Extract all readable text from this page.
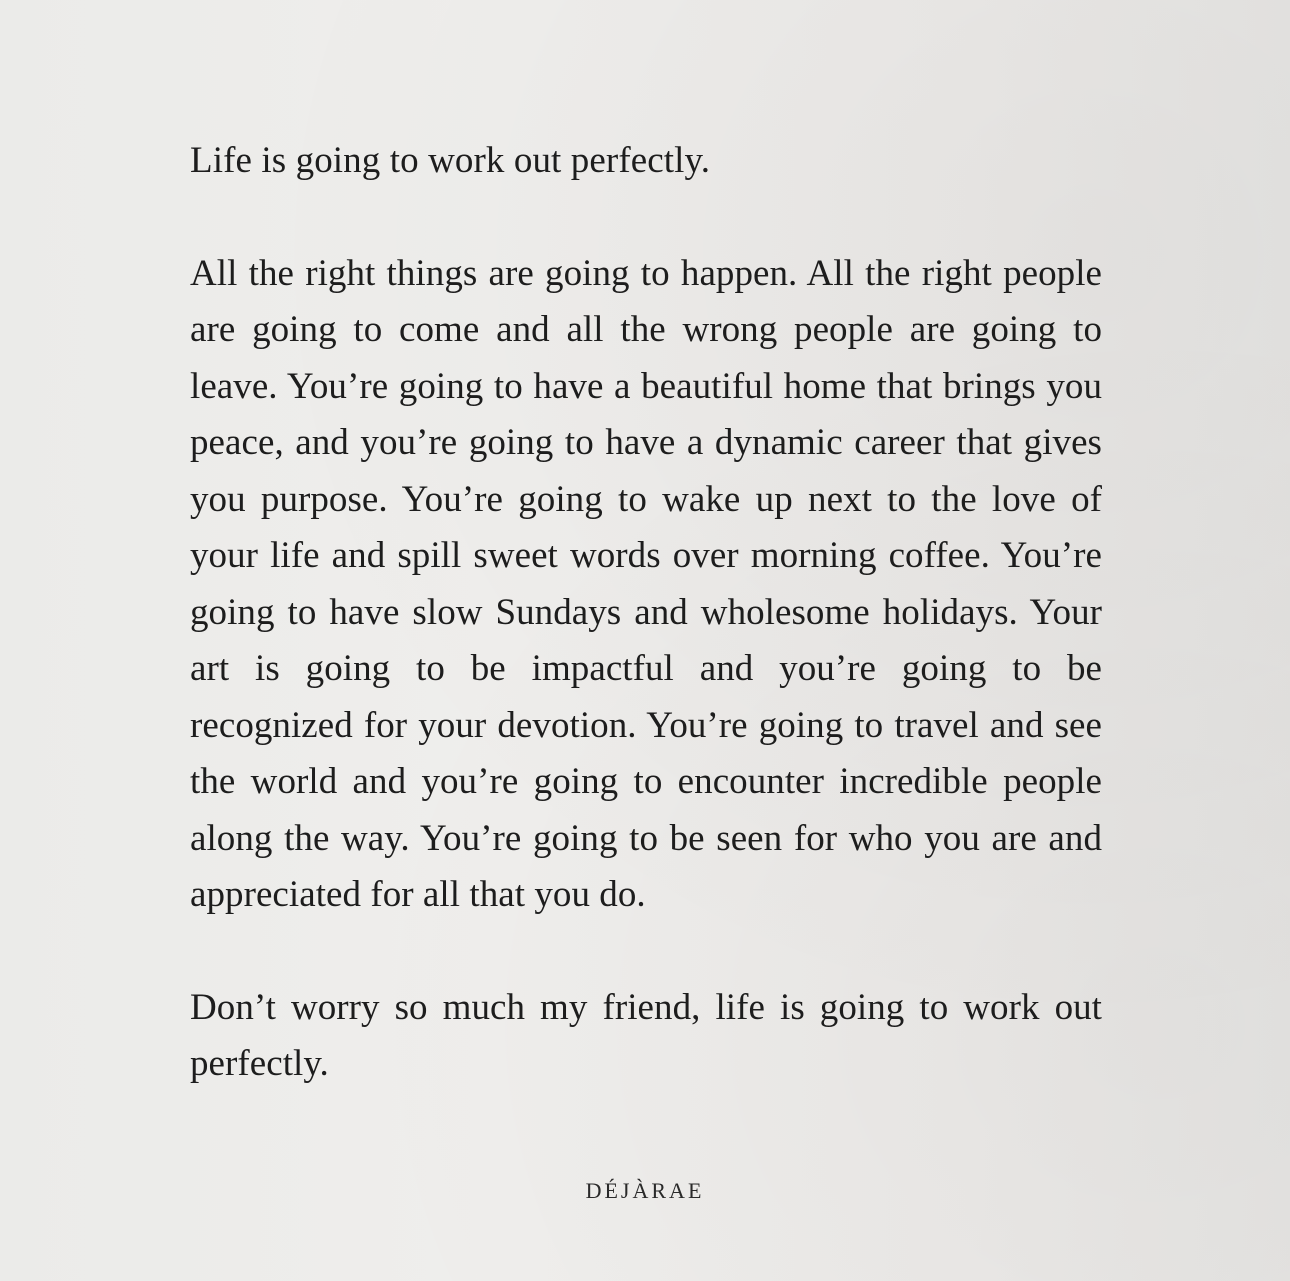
Life is going to work out perfectly.

All the right things are going to happen. All the right people are going to come and all the wrong people are going to leave. You’re going to have a beautiful home that brings you peace, and you’re going to have a dynamic career that gives you purpose. You’re going to wake up next to the love of your life and spill sweet words over morning coffee. You’re going to have slow Sundays and wholesome holidays. Your art is going to be impactful and you’re going to be recognized for your devotion. You’re going to travel and see the world and you’re going to encounter incredible people along the way. You’re going to be seen for who you are and appreciated for all that you do.

Don’t worry so much my friend, life is going to work out perfectly.

DÉJÀRAE
